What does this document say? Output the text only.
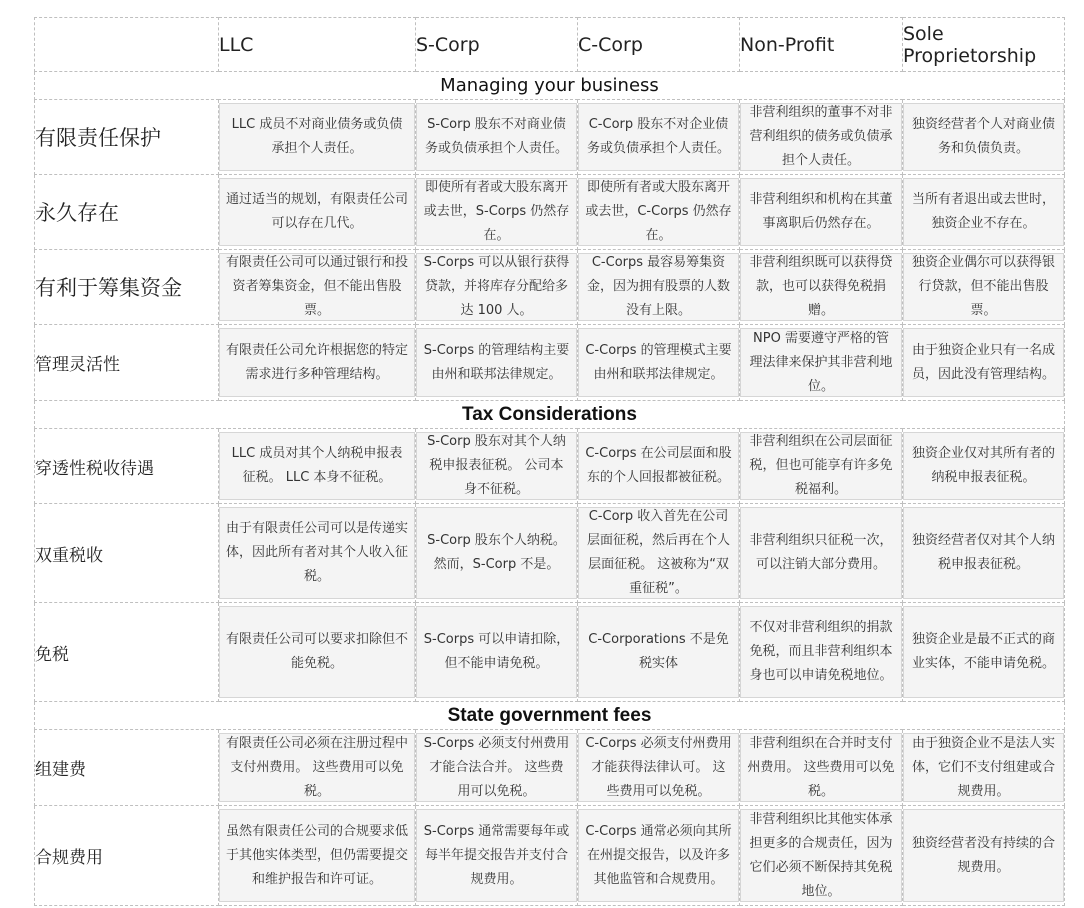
	LLC	S-Corp	C-Corp	Non-Profit	Sole Proprietorship
Managing your business					
有限责任保护	LLC 成员不对商业债务或负债承担个人责任。	S-Corp 股东不对商业债务或负债承担个人责任。	C-Corp 股东不对企业债务或负债承担个人责任。	非营利组织的董事不对非营利组织的债务或负债承担个人责任。	独资经营者个人对商业债务和负债负责。

永久存在	通过适当的规划，有限责任公司可以存在几代。	即使所有者或大股东离开或去世，S-Corps 仍然存在。	即使所有者或大股东离开或去世，C-Corps 仍然存在。	非营利组织和机构在其董事离职后仍然存在。	当所有者退出或去世时，独资企业不存在。

有利于筹集资金	有限责任公司可以通过银行和投资者筹集资金，但不能出售股票。	S-Corps 可以从银行获得贷款，并将库存分配给多达 100 人。	C-Corps 最容易筹集资金，因为拥有股票的人数没有上限。	非营利组织既可以获得贷款，也可以获得免税捐赠。	独资企业偶尔可以获得银行贷款，但不能出售股票。

管理灵活性	有限责任公司允许根据您的特定需求进行多种管理结构。	S-Corps 的管理结构主要由州和联邦法律规定。	C-Corps 的管理模式主要由州和联邦法律规定。	NPO 需要遵守严格的管理法律来保护其非营利地位。	由于独资企业只有一名成员，因此没有管理结构。

Tax Considerations					
穿透性税收待遇	LLC 成员对其个人纳税申报表征税。 LLC 本身不征税。	S-Corp 股东对其个人纳税申报表征税。 公司本身不征税。	C-Corps 在公司层面和股东的个人回报都被征税。	非营利组织在公司层面征税，但也可能享有许多免税福利。	独资企业仅对其所有者的纳税申报表征税。

双重税收	由于有限责任公司可以是传递实体，因此所有者对其个人收入征税。	S-Corp 股东个人纳税。 然而，S-Corp 不是。	C-Corp 收入首先在公司层面征税，然后再在个人层面征税。 这被称为“双重征税”。	非营利组织只征税一次，可以注销大部分费用。	独资经营者仅对其个人纳税申报表征税。

免税	有限责任公司可以要求扣除但不能免税。	S-Corps 可以申请扣除，但不能申请免税。	C-Corporations 不是免税实体	不仅对非营利组织的捐款免税，而且非营利组织本身也可以申请免税地位。	独资企业是最不正式的商业实体，不能申请免税。

State government fees					
组建费	有限责任公司必须在注册过程中支付州费用。 这些费用可以免税。	S-Corps 必须支付州费用才能合法合并。 这些费用可以免税。	C-Corps 必须支付州费用才能获得法律认可。 这些费用可以免税。	非营利组织在合并时支付州费用。 这些费用可以免税。	由于独资企业不是法人实体，它们不支付组建或合规费用。

合规费用	虽然有限责任公司的合规要求低于其他实体类型，但仍需要提交和维护报告和许可证。	S-Corps 通常需要每年或每半年提交报告并支付合规费用。	C-Corps 通常必须向其所在州提交报告，以及许多其他监管和合规费用。	非营利组织比其他实体承担更多的合规责任，因为它们必须不断保持其免税地位。	独资经营者没有持续的合规费用。
